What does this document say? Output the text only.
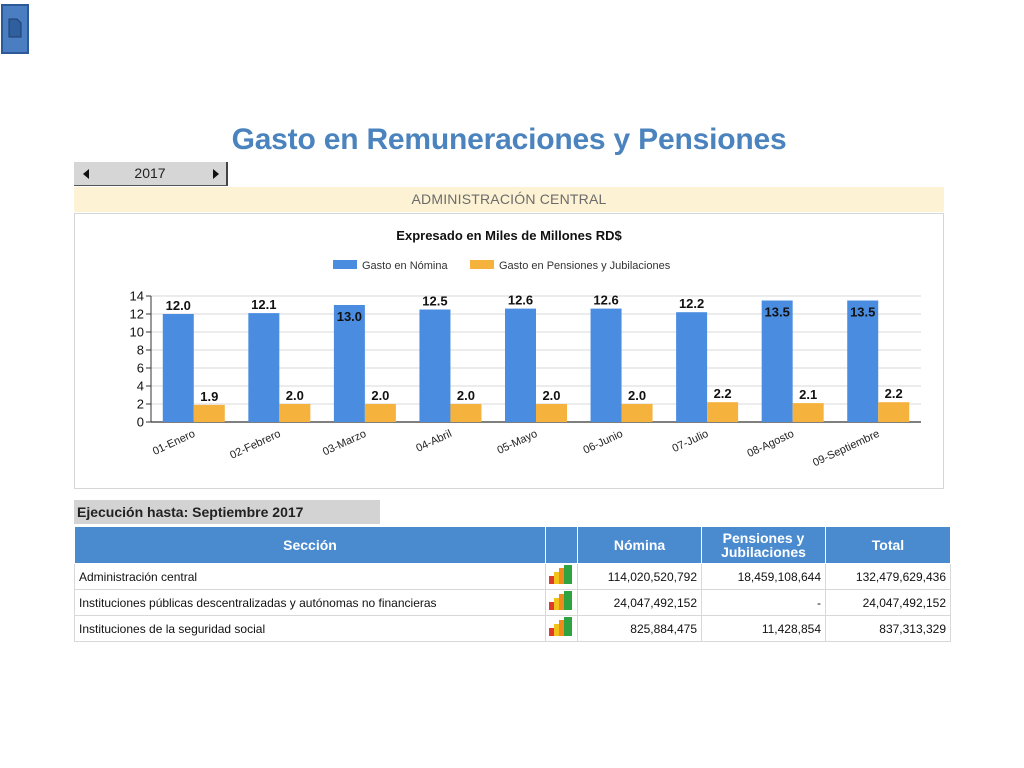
Gasto en Remuneraciones y Pensiones
2017
ADMINISTRACIÓN CENTRAL
Expresado en Miles de Millones RD$
Gasto en Nómina	Gasto en Pensiones y Jubilaciones
0
2
4
6
8
10
12
14
12.0
1.9
01-Enero
12.1
2.0
02-Febrero
13.0
2.0
03-Marzo
12.5
2.0
04-Abril
12.6
2.0
05-Mayo
12.6
2.0
06-Junio
12.2
2.2
07-Julio
13.5
2.1
08-Agosto
13.5
2.2
09-Septiembre
Ejecución hasta: Septiembre 2017
Sección		Nómina	Pensiones y Jubilaciones	Total
Administración central		114,020,520,792	18,459,108,644	132,479,629,436
Instituciones públicas descentralizadas y autónomas no financieras		24,047,492,152	-	24,047,492,152
Instituciones de la seguridad social		825,884,475	11,428,854	837,313,329
